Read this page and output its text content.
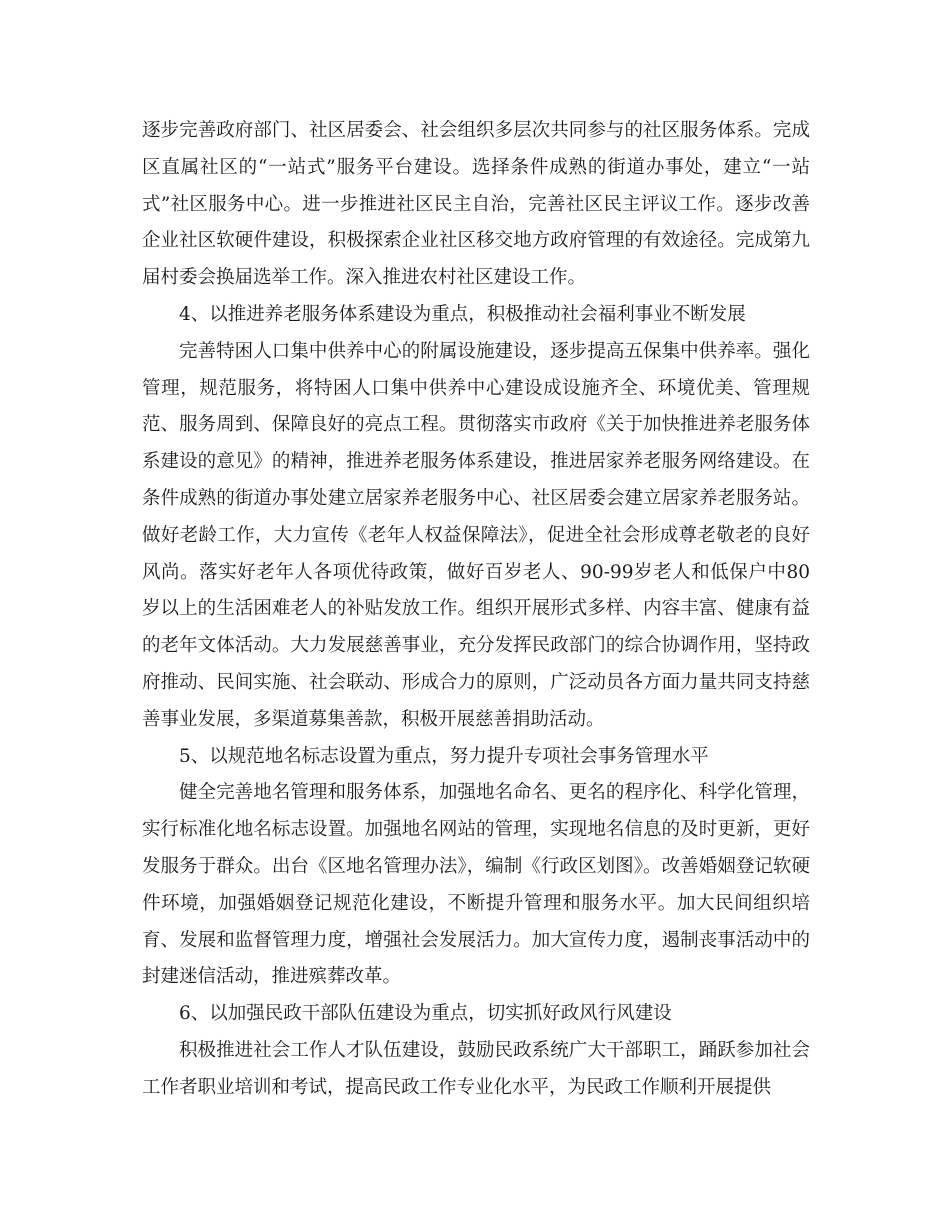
逐步完善政府部门、社区居委会、社会组织多层次共同参与的社区服务体系。完成区直属社区的“一站式”服务平台建设。选择条件成熟的街道办事处，建立“一站式”社区服务中心。进一步推进社区民主自治，完善社区民主评议工作。逐步改善企业社区软硬件建设，积极探索企业社区移交地方政府管理的有效途径。完成第九届村委会换届选举工作。深入推进农村社区建设工作。

4、以推进养老服务体系建设为重点，积极推动社会福利事业不断发展

完善特困人口集中供养中心的附属设施建设，逐步提高五保集中供养率。强化管理，规范服务，将特困人口集中供养中心建设成设施齐全、环境优美、管理规范、服务周到、保障良好的亮点工程。贯彻落实市政府《关于加快推进养老服务体系建设的意见》的精神，推进养老服务体系建设，推进居家养老服务网络建设。在条件成熟的街道办事处建立居家养老服务中心、社区居委会建立居家养老服务站。做好老龄工作，大力宣传《老年人权益保障法》，促进全社会形成尊老敬老的良好风尚。落实好老年人各项优待政策，做好百岁老人、90-99岁老人和低保户中80岁以上的生活困难老人的补贴发放工作。组织开展形式多样、内容丰富、健康有益的老年文体活动。大力发展慈善事业，充分发挥民政部门的综合协调作用，坚持政府推动、民间实施、社会联动、形成合力的原则，广泛动员各方面力量共同支持慈善事业发展，多渠道募集善款，积极开展慈善捐助活动。

5、以规范地名标志设置为重点，努力提升专项社会事务管理水平

健全完善地名管理和服务体系，加强地名命名、更名的程序化、科学化管理，实行标准化地名标志设置。加强地名网站的管理，实现地名信息的及时更新，更好发服务于群众。出台《区地名管理办法》，编制《行政区划图》。改善婚姻登记软硬件环境，加强婚姻登记规范化建设，不断提升管理和服务水平。加大民间组织培育、发展和监督管理力度，增强社会发展活力。加大宣传力度，遏制丧事活动中的封建迷信活动，推进殡葬改革。

6、以加强民政干部队伍建设为重点，切实抓好政风行风建设

积极推进社会工作人才队伍建设，鼓励民政系统广大干部职工，踊跃参加社会工作者职业培训和考试，提高民政工作专业化水平，为民政工作顺利开展提供
